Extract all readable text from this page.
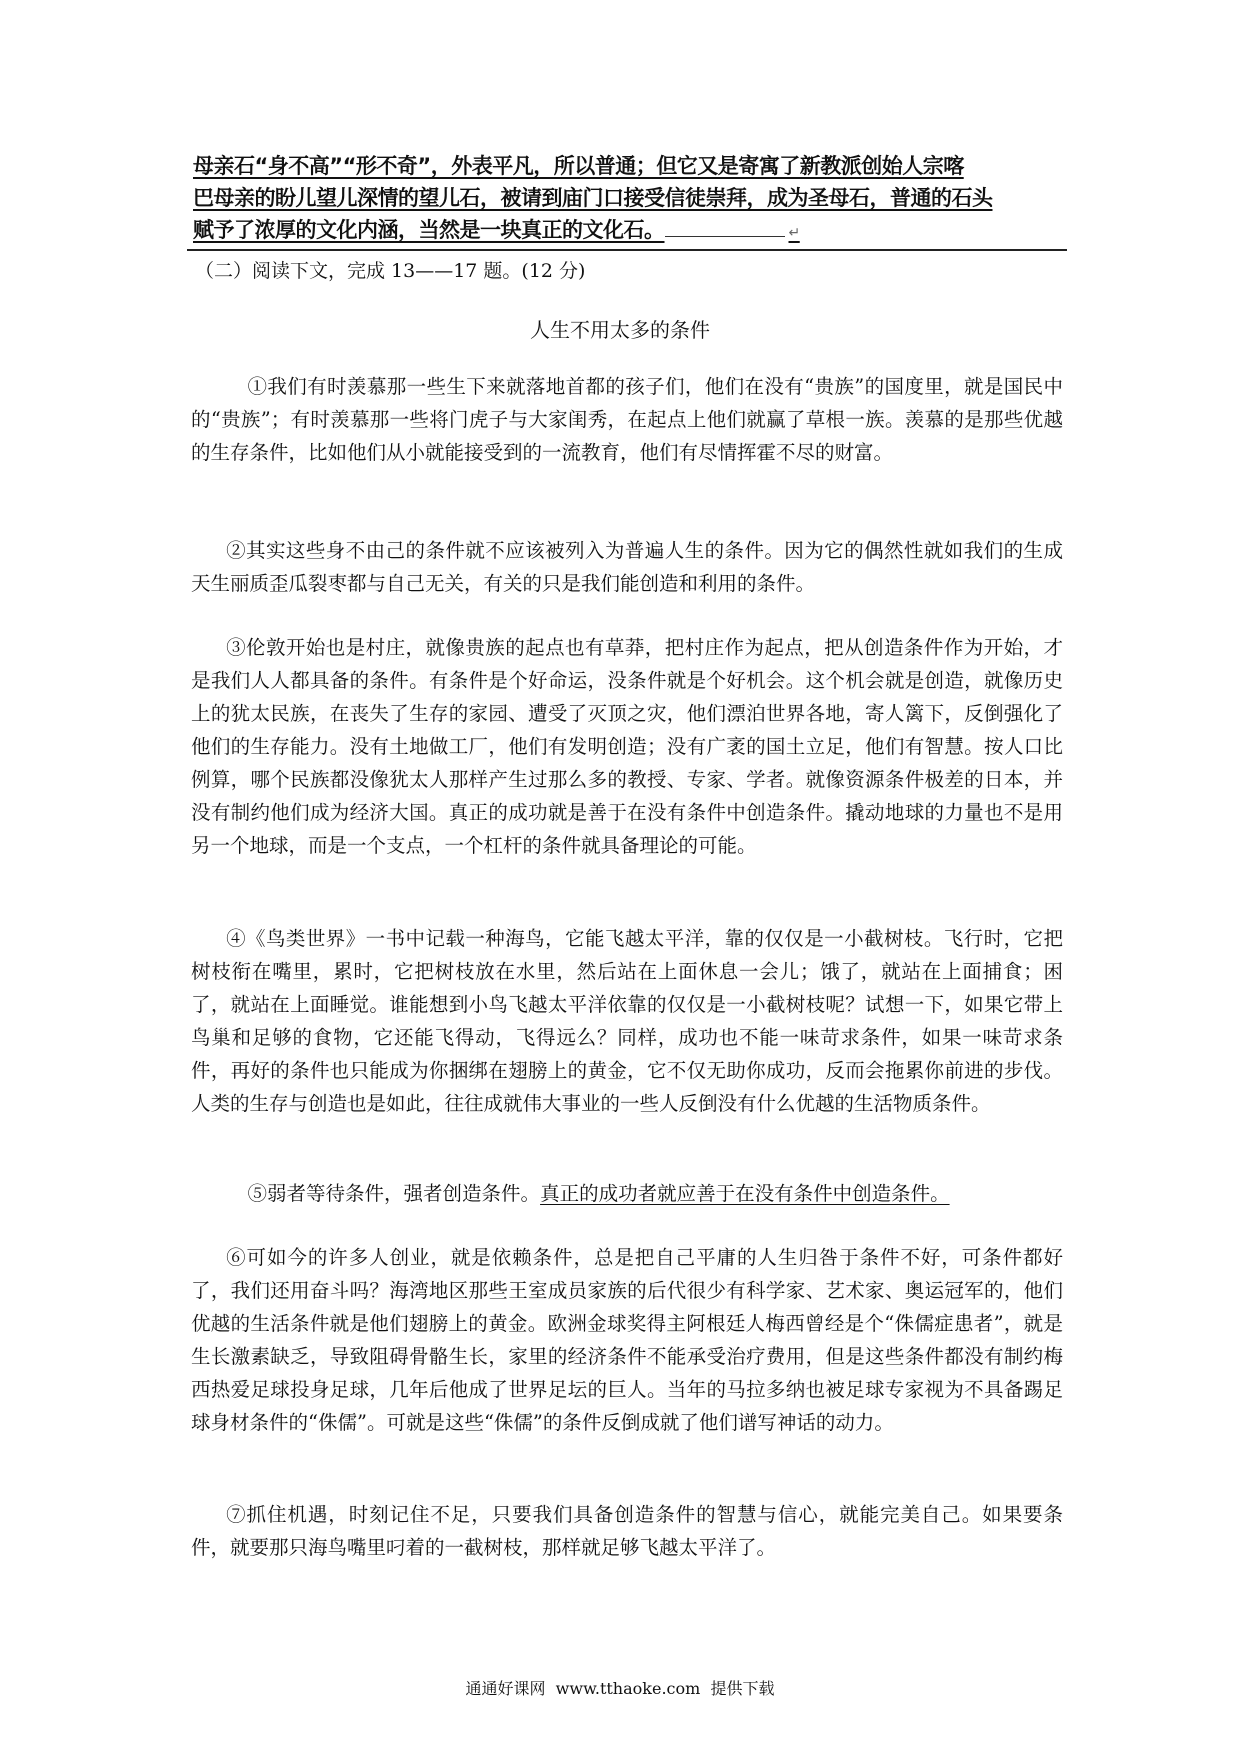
母亲石“身不高”“形不奇”，外表平凡，所以普通；但它又是寄寓了新教派创始人宗喀

巴母亲的盼儿望儿深情的望儿石，被请到庙门口接受信徒崇拜，成为圣母石，普通的石头

赋予了浓厚的文化内涵，当然是一块真正的文化石。	↵

（二）阅读下文，完成 13——17 题。(12 分)
人生不用太多的条件

①我们有时羡慕那一些生下来就落地首都的孩子们，他们在没有“贵族”的国度里，就是国民中的“贵族”；有时羡慕那一些将门虎子与大家闺秀，在起点上他们就赢了草根一族。羡慕的是那些优越的生存条件，比如他们从小就能接受到的一流教育，他们有尽情挥霍不尽的财富。

②其实这些身不由己的条件就不应该被列入为普遍人生的条件。因为它的偶然性就如我们的生成天生丽质歪瓜裂枣都与自己无关，有关的只是我们能创造和利用的条件。

③伦敦开始也是村庄，就像贵族的起点也有草莽，把村庄作为起点，把从创造条件作为开始，才是我们人人都具备的条件。有条件是个好命运，没条件就是个好机会。这个机会就是创造，就像历史上的犹太民族，在丧失了生存的家园、遭受了灭顶之灾，他们漂泊世界各地，寄人篱下，反倒强化了他们的生存能力。没有土地做工厂，他们有发明创造；没有广袤的国土立足，他们有智慧。按人口比例算，哪个民族都没像犹太人那样产生过那么多的教授、专家、学者。就像资源条件极差的日本，并没有制约他们成为经济大国。真正的成功就是善于在没有条件中创造条件。撬动地球的力量也不是用另一个地球，而是一个支点，一个杠杆的条件就具备理论的可能。

④《鸟类世界》一书中记载一种海鸟，它能飞越太平洋，靠的仅仅是一小截树枝。飞行时，它把树枝衔在嘴里，累时，它把树枝放在水里，然后站在上面休息一会儿；饿了，就站在上面捕食；困了，就站在上面睡觉。谁能想到小鸟飞越太平洋依靠的仅仅是一小截树枝呢？试想一下，如果它带上鸟巢和足够的食物，它还能飞得动，飞得远么？同样，成功也不能一味苛求条件，如果一味苛求条件，再好的条件也只能成为你捆绑在翅膀上的黄金，它不仅无助你成功，反而会拖累你前进的步伐。人类的生存与创造也是如此，往往成就伟大事业的一些人反倒没有什么优越的生活物质条件。

⑤弱者等待条件，强者创造条件。真正的成功者就应善于在没有条件中创造条件。

⑥可如今的许多人创业，就是依赖条件，总是把自己平庸的人生归咎于条件不好，可条件都好了，我们还用奋斗吗？海湾地区那些王室成员家族的后代很少有科学家、艺术家、奥运冠军的，他们优越的生活条件就是他们翅膀上的黄金。欧洲金球奖得主阿根廷人梅西曾经是个“侏儒症患者”，就是生长激素缺乏，导致阻碍骨骼生长，家里的经济条件不能承受治疗费用，但是这些条件都没有制约梅西热爱足球投身足球，几年后他成了世界足坛的巨人。当年的马拉多纳也被足球专家视为不具备踢足球身材条件的“侏儒”。可就是这些“侏儒”的条件反倒成就了他们谱写神话的动力。

⑦抓住机遇，时刻记住不足，只要我们具备创造条件的智慧与信心，就能完美自己。如果要条件，就要那只海鸟嘴里叼着的一截树枝，那样就足够飞越太平洋了。

通通好课网  www.tthaoke.com  提供下载
